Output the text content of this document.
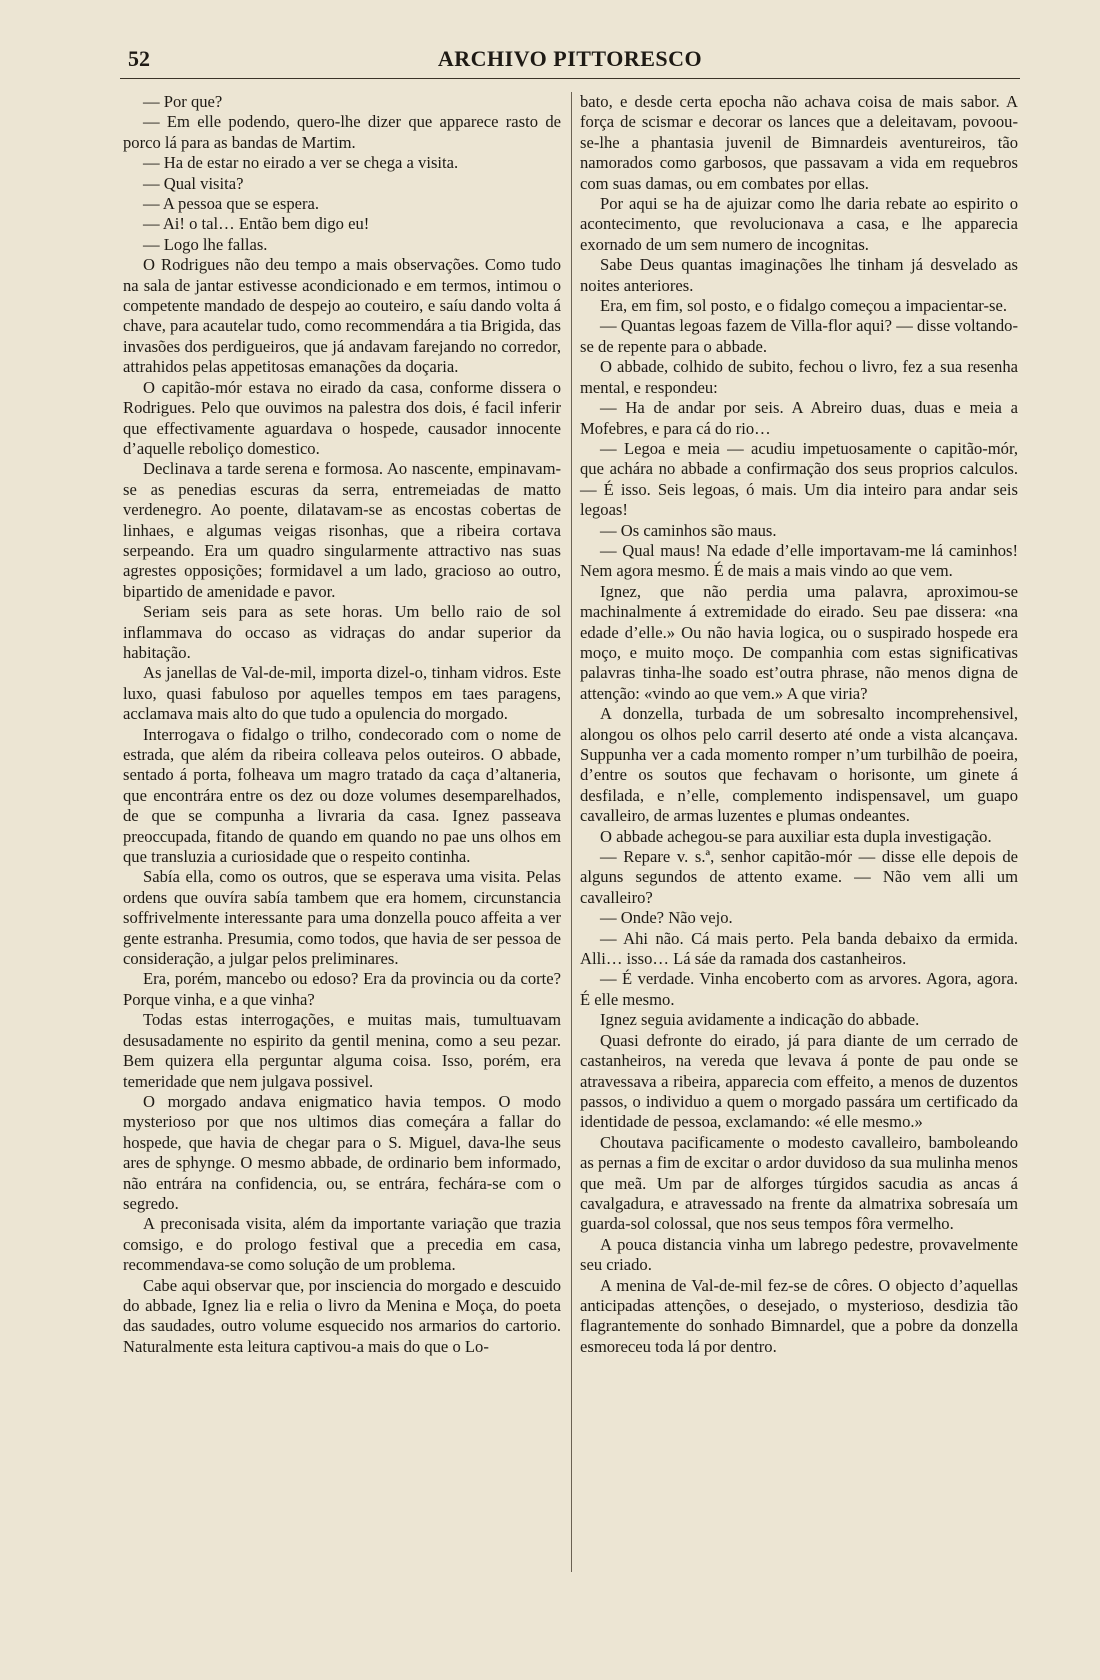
52	ARCHIVO PITTORESCO

— Por que?

— Em elle podendo, quero-lhe dizer que apparece rasto de porco lá para as bandas de Martim.

— Ha de estar no eirado a ver se chega a visita.

— Qual visita?

— A pessoa que se espera.

— Ai! o tal… Então bem digo eu!

— Logo lhe fallas.

O Rodrigues não deu tempo a mais observações. Como tudo na sala de jantar estivesse acondicionado e em termos, intimou o competente mandado de despejo ao couteiro, e saíu dando volta á chave, para acautelar tudo, como recommendára a tia Brigida, das invasões dos perdigueiros, que já andavam farejando no corredor, attrahidos pelas appetitosas emanações da doçaria.

O capitão-mór estava no eirado da casa, conforme dissera o Rodrigues. Pelo que ouvimos na palestra dos dois, é facil inferir que effectivamente aguardava o hospede, causador innocente d’aquelle reboliço domestico.

Declinava a tarde serena e formosa. Ao nascente, empinavam-se as penedias escuras da serra, entremeiadas de matto verdenegro. Ao poente, dilatavam-se as encostas cobertas de linhaes, e algumas veigas risonhas, que a ribeira cortava serpeando. Era um quadro singularmente attractivo nas suas agrestes opposições; formidavel a um lado, gracioso ao outro, bipartido de amenidade e pavor.

Seriam seis para as sete horas. Um bello raio de sol inflammava do occaso as vidraças do andar superior da habitação.

As janellas de Val-de-mil, importa dizel-o, tinham vidros. Este luxo, quasi fabuloso por aquelles tempos em taes paragens, acclamava mais alto do que tudo a opulencia do morgado.

Interrogava o fidalgo o trilho, condecorado com o nome de estrada, que além da ribeira colleava pelos outeiros. O abbade, sentado á porta, folheava um magro tratado da caça d’altaneria, que encontrára entre os dez ou doze volumes desemparelhados, de que se compunha a livraria da casa. Ignez passeava preoccupada, fitando de quando em quando no pae uns olhos em que transluzia a curiosidade que o respeito continha.

Sabía ella, como os outros, que se esperava uma visita. Pelas ordens que ouvíra sabía tambem que era homem, circunstancia soffrivelmente interessante para uma donzella pouco affeita a ver gente estranha. Presumia, como todos, que havia de ser pessoa de consideração, a julgar pelos preliminares.

Era, porém, mancebo ou edoso? Era da provincia ou da corte? Porque vinha, e a que vinha?

Todas estas interrogações, e muitas mais, tumultuavam desusadamente no espirito da gentil menina, como a seu pezar. Bem quizera ella perguntar alguma coisa. Isso, porém, era temeridade que nem julgava possivel.

O morgado andava enigmatico havia tempos. O modo mysterioso por que nos ultimos dias começára a fallar do hospede, que havia de chegar para o S. Miguel, dava-lhe seus ares de sphynge. O mesmo abbade, de ordinario bem informado, não entrára na confidencia, ou, se entrára, fechára-se com o segredo.

A preconisada visita, além da importante variação que trazia comsigo, e do prologo festival que a precedia em casa, recommendava-se como solução de um problema.

Cabe aqui observar que, por insciencia do morgado e descuido do abbade, Ignez lia e relia o livro da Menina e Moça, do poeta das saudades, outro volume esquecido nos armarios do cartorio. Naturalmente esta leitura captivou-a mais do que o Lo-

bato, e desde certa epocha não achava coisa de mais sabor. A força de scismar e decorar os lances que a deleitavam, povoou-se-lhe a phantasia juvenil de Bimnardeis aventureiros, tão namorados como garbosos, que passavam a vida em requebros com suas damas, ou em combates por ellas.

Por aqui se ha de ajuizar como lhe daria rebate ao espirito o acontecimento, que revolucionava a casa, e lhe apparecia exornado de um sem numero de incognitas.

Sabe Deus quantas imaginações lhe tinham já desvelado as noites anteriores.

Era, em fim, sol posto, e o fidalgo começou a impacientar-se.

— Quantas legoas fazem de Villa-flor aqui? — disse voltando-se de repente para o abbade.

O abbade, colhido de subito, fechou o livro, fez a sua resenha mental, e respondeu:

— Ha de andar por seis. A Abreiro duas, duas e meia a Mofebres, e para cá do rio…

— Legoa e meia — acudiu impetuosamente o capitão-mór, que achára no abbade a confirmação dos seus proprios calculos. — É isso. Seis legoas, ó mais. Um dia inteiro para andar seis legoas!

— Os caminhos são maus.

— Qual maus! Na edade d’elle importavam-me lá caminhos! Nem agora mesmo. É de mais a mais vindo ao que vem.

Ignez, que não perdia uma palavra, aproximou-se machinalmente á extremidade do eirado. Seu pae dissera: «na edade d’elle.» Ou não havia logica, ou o suspirado hospede era moço, e muito moço. De companhia com estas significativas palavras tinha-lhe soado est’outra phrase, não menos digna de attenção: «vindo ao que vem.» A que viria?

A donzella, turbada de um sobresalto incomprehensivel, alongou os olhos pelo carril deserto até onde a vista alcançava. Suppunha ver a cada momento romper n’um turbilhão de poeira, d’entre os soutos que fechavam o horisonte, um ginete á desfilada, e n’elle, complemento indispensavel, um guapo cavalleiro, de armas luzentes e plumas ondeantes.

O abbade achegou-se para auxiliar esta dupla investigação.

— Repare v. s.ª, senhor capitão-mór — disse elle depois de alguns segundos de attento exame. — Não vem alli um cavalleiro?

— Onde? Não vejo.

— Ahi não. Cá mais perto. Pela banda debaixo da ermida. Alli… isso… Lá sáe da ramada dos castanheiros.

— É verdade. Vinha encoberto com as arvores. Agora, agora. É elle mesmo.

Ignez seguia avidamente a indicação do abbade.

Quasi defronte do eirado, já para diante de um cerrado de castanheiros, na vereda que levava á ponte de pau onde se atravessava a ribeira, apparecia com effeito, a menos de duzentos passos, o individuo a quem o morgado passára um certificado da identidade de pessoa, exclamando: «é elle mesmo.»

Choutava pacificamente o modesto cavalleiro, bamboleando as pernas a fim de excitar o ardor duvidoso da sua mulinha menos que meã. Um par de alforges túrgidos sacudia as ancas á cavalgadura, e atravessado na frente da almatrixa sobresaía um guarda-sol colossal, que nos seus tempos fôra vermelho.

A pouca distancia vinha um labrego pedestre, provavelmente seu criado.

A menina de Val-de-mil fez-se de côres. O objecto d’aquellas anticipadas attenções, o desejado, o mysterioso, desdizia tão flagrantemente do sonhado Bimnardel, que a pobre da donzella esmoreceu toda lá por dentro.
